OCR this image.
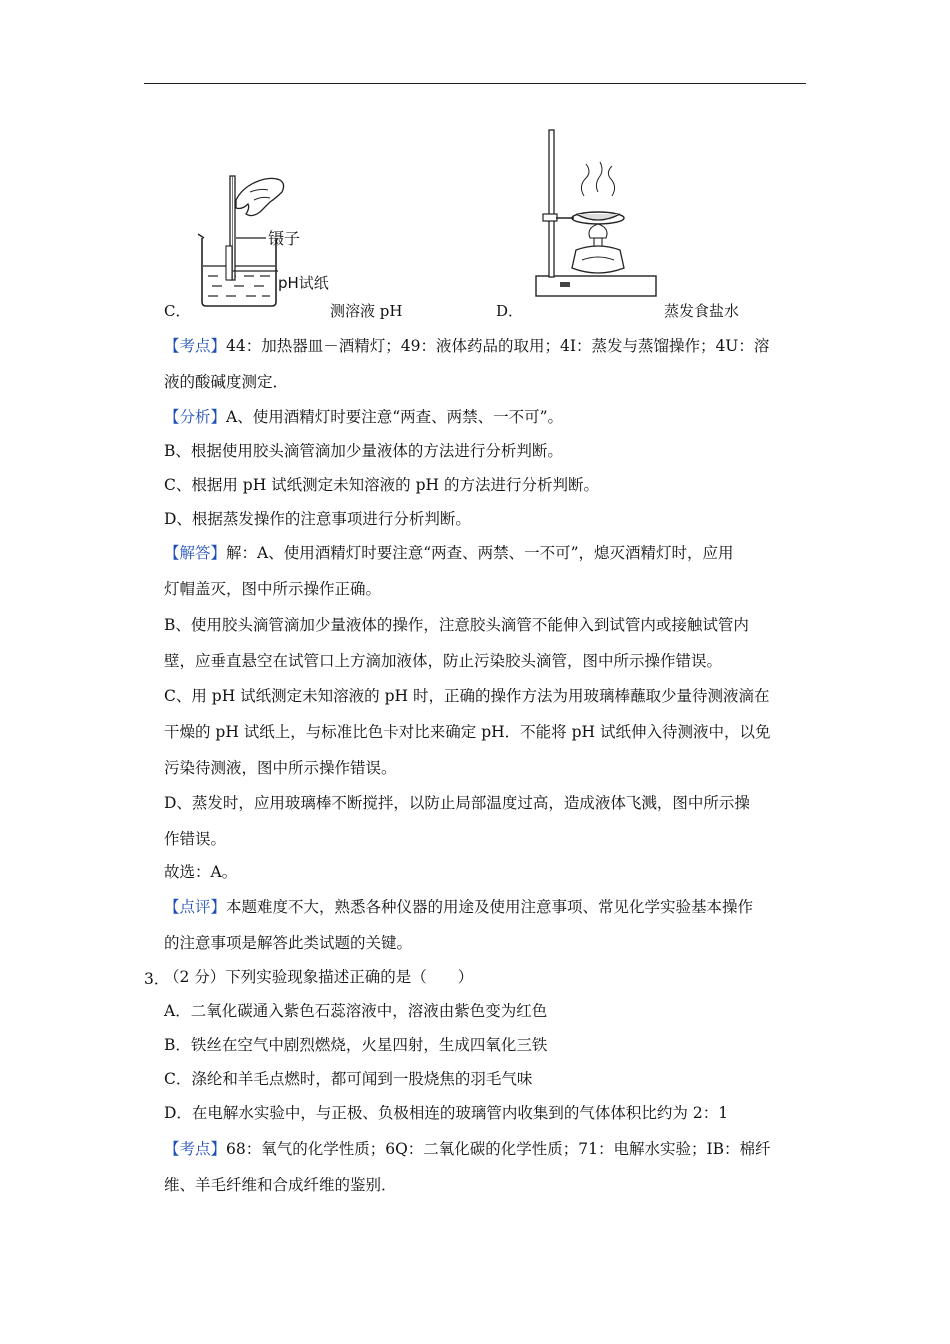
C．
镊子
pH试纸
测溶液 pH	D．	蒸发食盐水
【考点】44：加热器皿－酒精灯；49：液体药品的取用；4I：蒸发与蒸馏操作；4U：溶
液的酸碱度测定．
【分析】A、使用酒精灯时要注意“两查、两禁、一不可”。
B、根据使用胶头滴管滴加少量液体的方法进行分析判断。
C、根据用 pH 试纸测定未知溶液的 pH 的方法进行分析判断。
D、根据蒸发操作的注意事项进行分析判断。
【解答】解：A、使用酒精灯时要注意“两查、两禁、一不可”，熄灭酒精灯时，应用
灯帽盖灭，图中所示操作正确。
B、使用胶头滴管滴加少量液体的操作，注意胶头滴管不能伸入到试管内或接触试管内
壁，应垂直悬空在试管口上方滴加液体，防止污染胶头滴管，图中所示操作错误。
C、用 pH 试纸测定未知溶液的 pH 时，正确的操作方法为用玻璃棒蘸取少量待测液滴在
干燥的 pH 试纸上，与标准比色卡对比来确定 pH．不能将 pH 试纸伸入待测液中，以免
污染待测液，图中所示操作错误。
D、蒸发时，应用玻璃棒不断搅拌，以防止局部温度过高，造成液体飞溅，图中所示操
作错误。
故选：A。
【点评】本题难度不大，熟悉各种仪器的用途及使用注意事项、常见化学实验基本操作
的注意事项是解答此类试题的关键。
3．
（2 分）下列实验现象描述正确的是（　　）
A．二氧化碳通入紫色石蕊溶液中，溶液由紫色变为红色
B．铁丝在空气中剧烈燃烧，火星四射，生成四氧化三铁
C．涤纶和羊毛点燃时，都可闻到一股烧焦的羽毛气味
D．在电解水实验中，与正极、负极相连的玻璃管内收集到的气体体积比约为 2：1
【考点】68：氧气的化学性质；6Q：二氧化碳的化学性质；71：电解水实验；IB：棉纤
维、羊毛纤维和合成纤维的鉴别．
